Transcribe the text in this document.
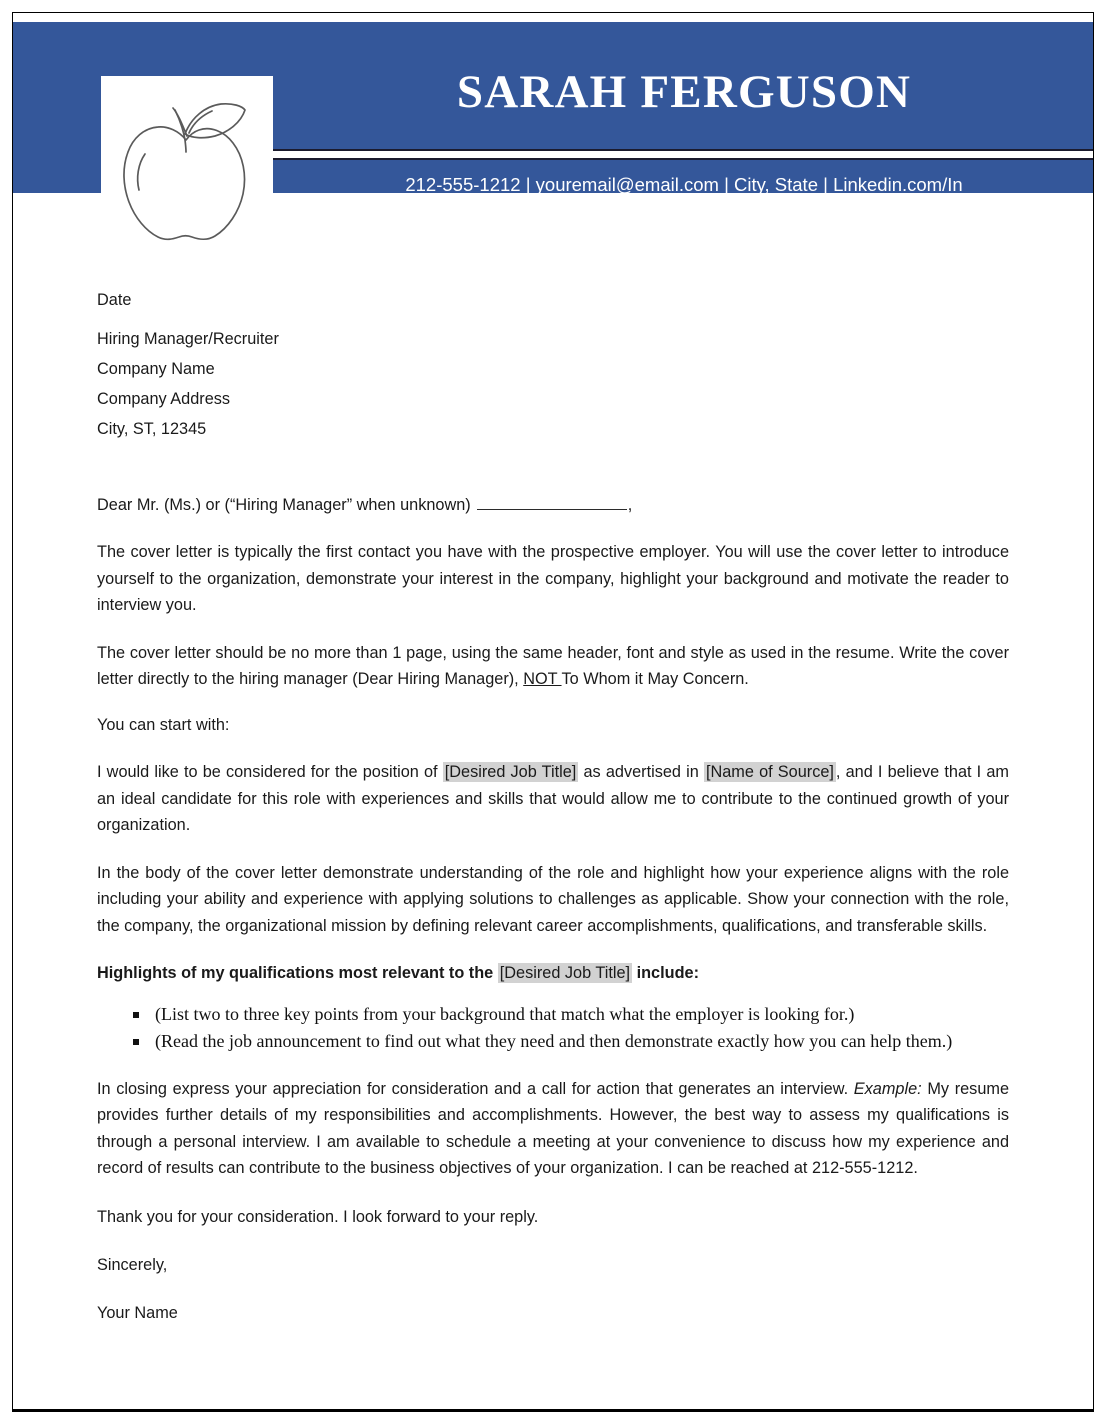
SARAH FERGUSON
212-555-1212 | youremail@email.com | City, State | Linkedin.com/In
Date
Hiring Manager/Recruiter
Company Name
Company Address
City, ST, 12345
Dear Mr. (Ms.) or (“Hiring Manager” when unknown)	,

The cover letter is typically the first contact you have with the prospective employer. You will use the cover letter to introduce yourself to the organization, demonstrate your interest in the company, highlight your background and motivate the reader to interview you.

The cover letter should be no more than 1 page, using the same header, font and style as used in the resume. Write the cover letter directly to the hiring manager (Dear Hiring Manager), NOT To Whom it May Concern.

You can start with:

I would like to be considered for the position of [Desired Job Title] as advertised in [Name of Source] , and I believe that I am an ideal candidate for this role with experiences and skills that would allow me to contribute to the continued growth of your organization.

In the body of the cover letter demonstrate understanding of the role and highlight how your experience aligns with the role including your ability and experience with applying solutions to challenges as applicable. Show your connection with the role, the company, the organizational mission by defining relevant career accomplishments, qualifications, and transferable skills.

Highlights of my qualifications most relevant to the [Desired Job Title] include:

(List two to three key points from your background that match what the employer is looking for.)
(Read the job announcement to find out what they need and then demonstrate exactly how you can help them.)

In closing express your appreciation for consideration and a call for action that generates an interview. Example: My resume provides further details of my responsibilities and accomplishments. However, the best way to assess my qualifications is through a personal interview. I am available to schedule a meeting at your convenience to discuss how my experience and record of results can contribute to the business objectives of your organization. I can be reached at 212-555-1212.

Thank you for your consideration. I look forward to your reply.
Sincerely,
Your Name
